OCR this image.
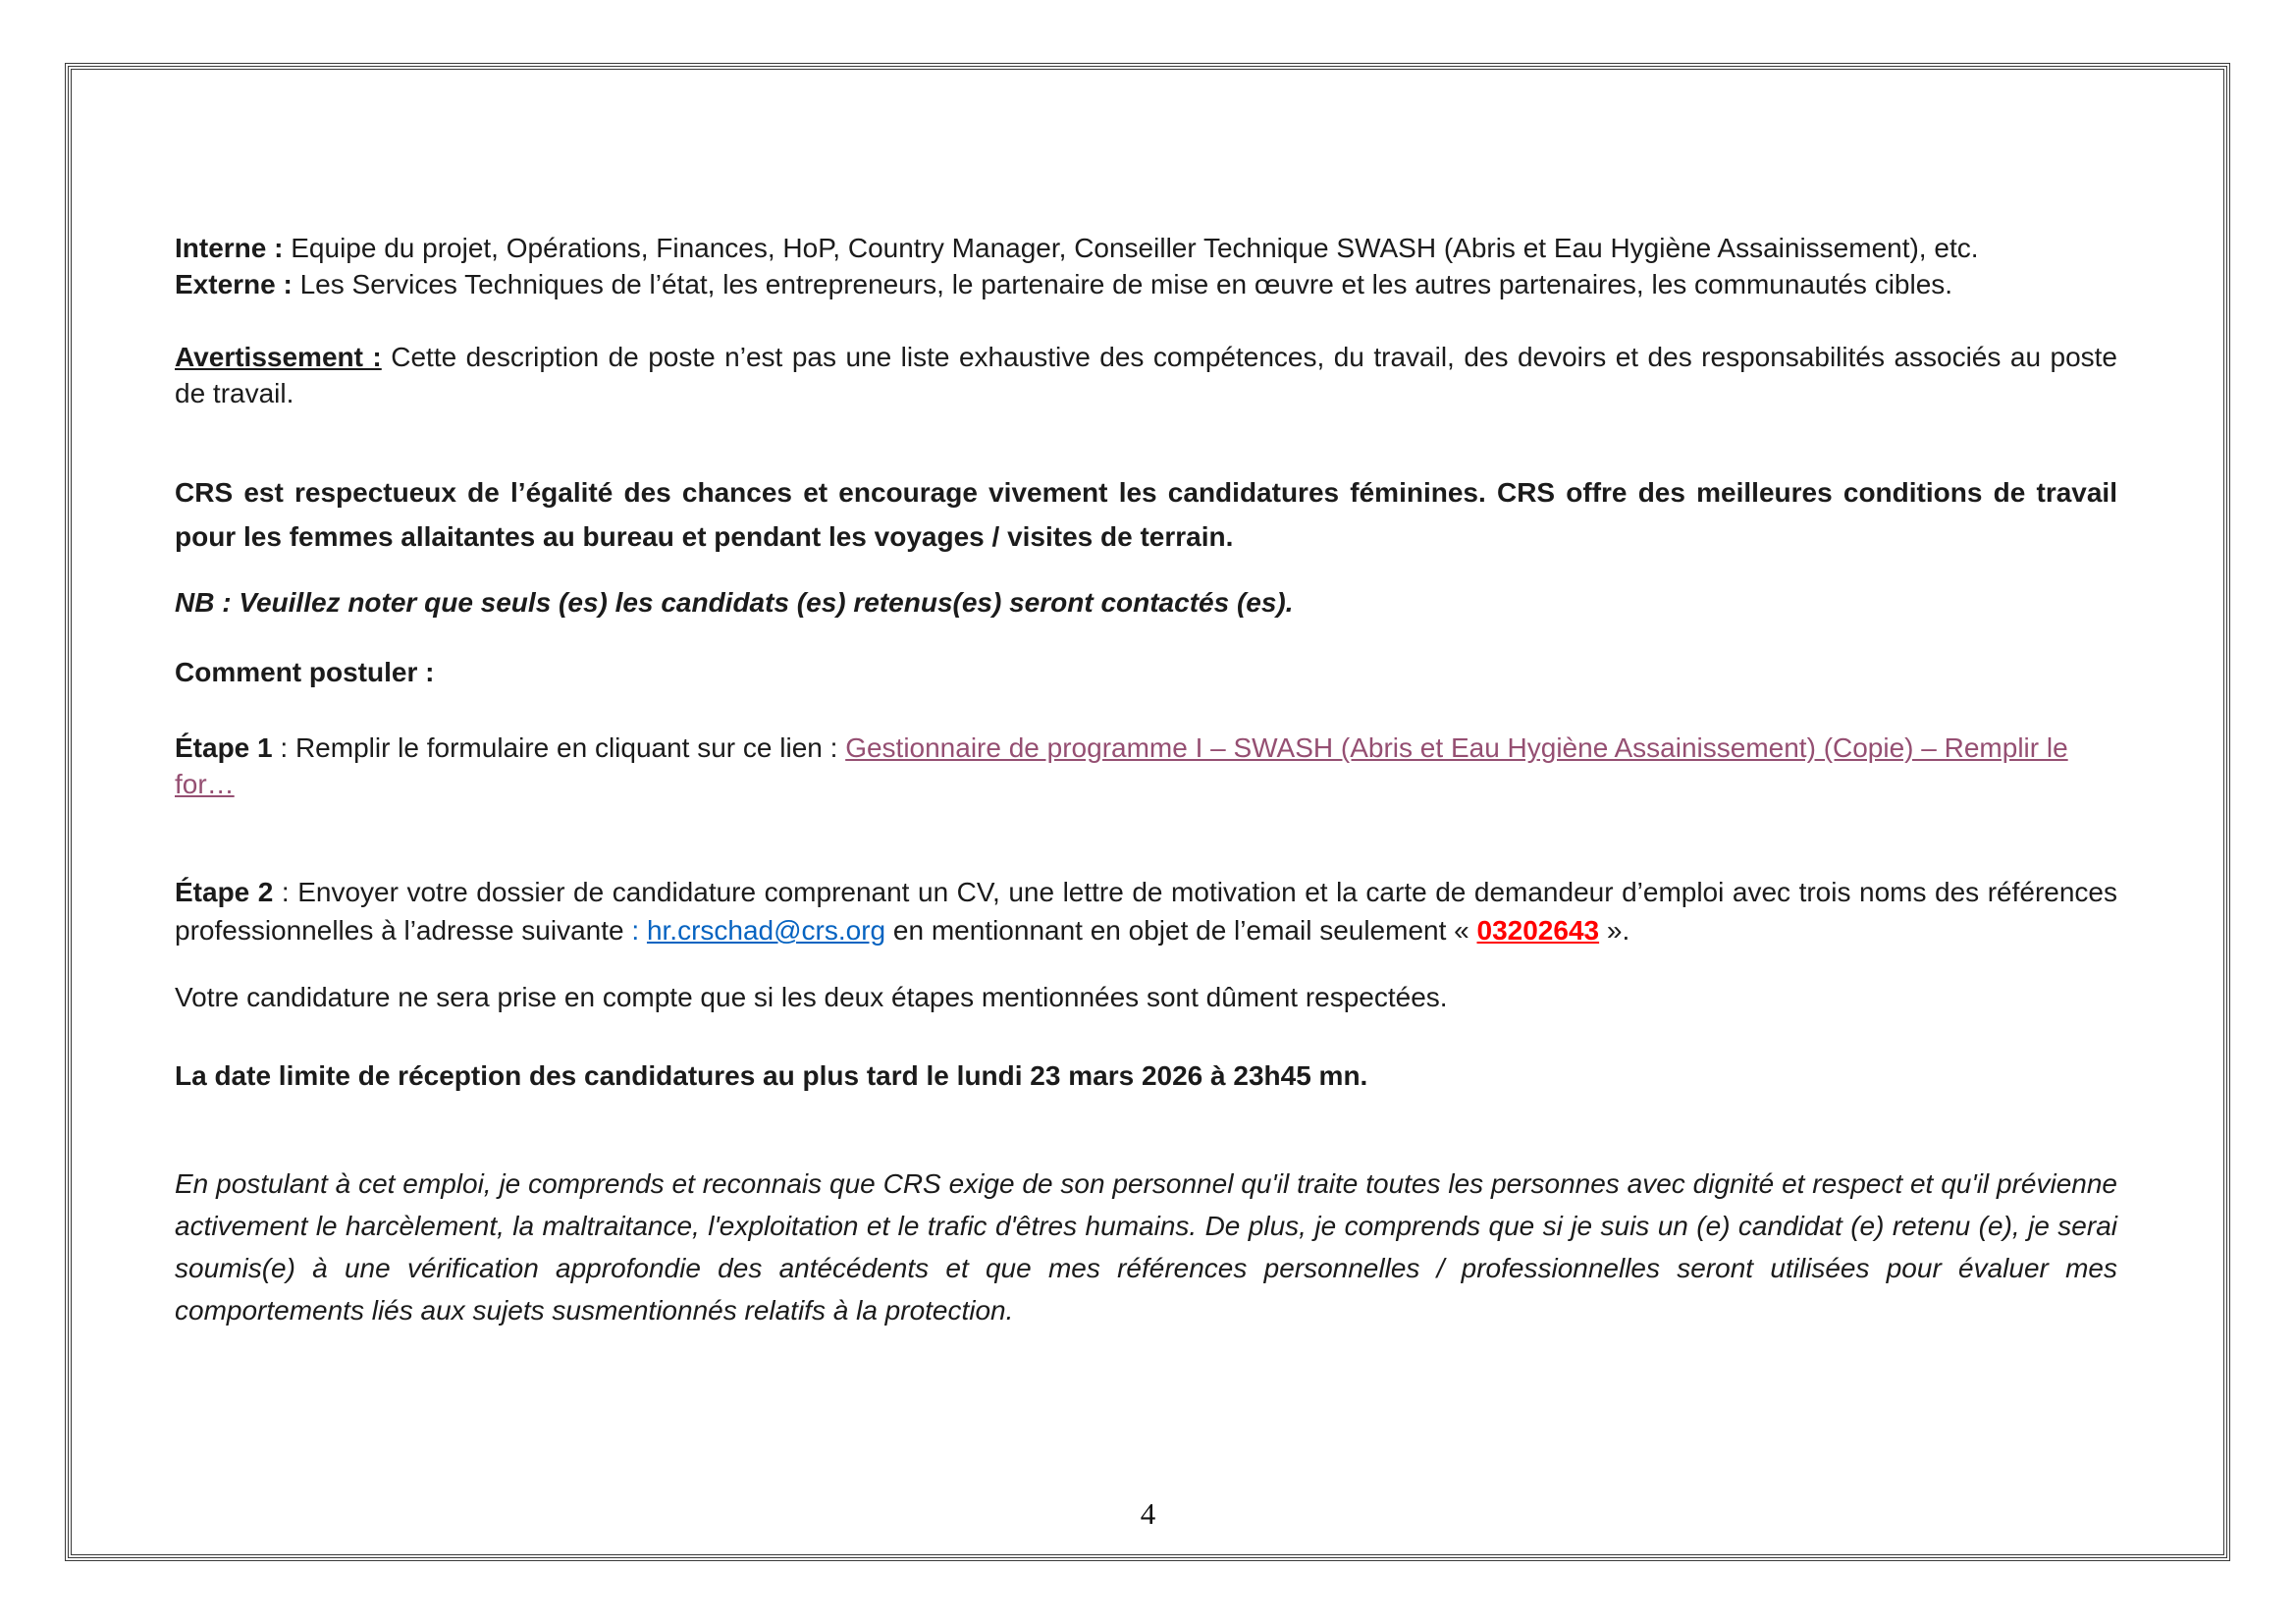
Interne : Equipe du projet, Opérations, Finances, HoP, Country Manager, Conseiller Technique SWASH (Abris et Eau Hygiène Assainissement), etc.

Externe : Les Services Techniques de l’état, les entrepreneurs, le partenaire de mise en œuvre et les autres partenaires, les communautés cibles.

Avertissement : Cette description de poste n’est pas une liste exhaustive des compétences, du travail, des devoirs et des responsabilités associés au poste de travail.

CRS est respectueux de l’égalité des chances et encourage vivement les candidatures féminines. CRS offre des meilleures conditions de travail pour les femmes allaitantes au bureau et pendant les voyages / visites de terrain.

NB : Veuillez noter que seuls (es) les candidats (es) retenus(es) seront contactés (es).

Comment postuler :

Étape 1 : Remplir le formulaire en cliquant sur ce lien : Gestionnaire de programme I – SWASH (Abris et Eau Hygiène Assainissement) (Copie) – Remplir le for…

Étape 2 : Envoyer votre dossier de candidature comprenant un CV, une lettre de motivation et la carte de demandeur d’emploi avec trois noms des références professionnelles à l’adresse suivante : hr.crschad@crs.org en mentionnant en objet de l’email seulement « 03202643 ».

Votre candidature ne sera prise en compte que si les deux étapes mentionnées sont dûment respectées.

La date limite de réception des candidatures au plus tard le lundi 23 mars 2026 à 23h45 mn.

En postulant à cet emploi, je comprends et reconnais que CRS exige de son personnel qu'il traite toutes les personnes avec dignité et respect et qu'il prévienne activement le harcèlement, la maltraitance, l'exploitation et le trafic d'êtres humains. De plus, je comprends que si je suis un (e) candidat (e) retenu (e), je serai soumis(e) à une vérification approfondie des antécédents et que mes références personnelles / professionnelles seront utilisées pour évaluer mes comportements liés aux sujets susmentionnés relatifs à la protection.

4
